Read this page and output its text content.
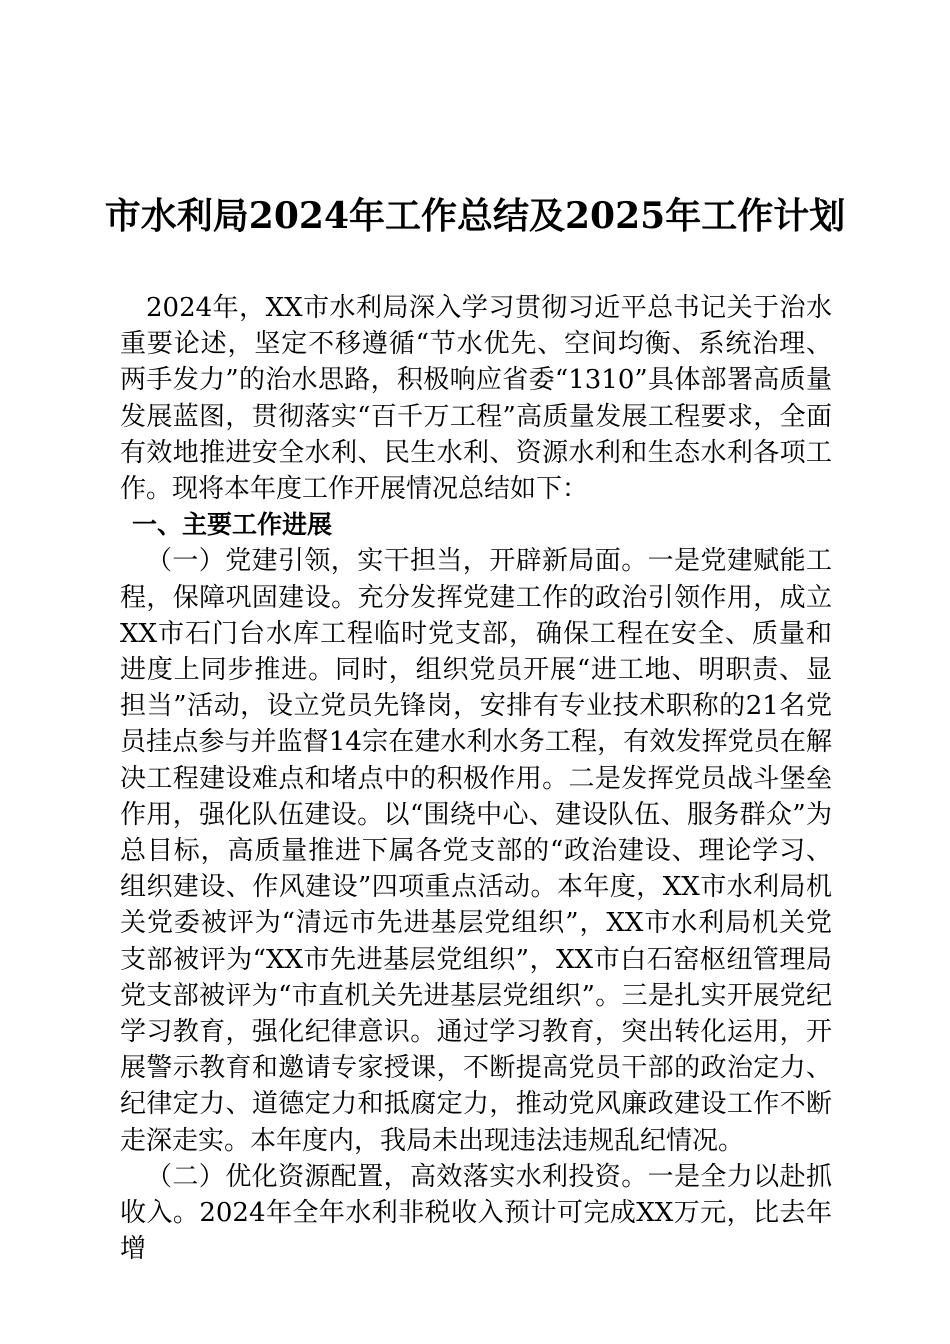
市水利局2024年工作总结及2025年工作计划

2024年，XX市水利局深入学习贯彻习近平总书记关于治水重要论述，坚定不移遵循“节水优先、空间均衡、系统治理、两手发力”的治水思路，积极响应省委“1310”具体部署高质量发展蓝图，贯彻落实“百千万工程”高质量发展工程要求，全面有效地推进安全水利、民生水利、资源水利和生态水利各项工作。现将本年度工作开展情况总结如下：

一、主要工作进展

（一）党建引领，实干担当，开辟新局面。一是党建赋能工程，保障巩固建设。充分发挥党建工作的政治引领作用，成立XX市石门台水库工程临时党支部，确保工程在安全、质量和进度上同步推进。同时，组织党员开展“进工地、明职责、显担当”活动，设立党员先锋岗，安排有专业技术职称的21名党员挂点参与并监督14宗在建水利水务工程，有效发挥党员在解决工程建设难点和堵点中的积极作用。二是发挥党员战斗堡垒作用，强化队伍建设。以“围绕中心、建设队伍、服务群众”为总目标，高质量推进下属各党支部的“政治建设、理论学习、组织建设、作风建设”四项重点活动。本年度，XX市水利局机关党委被评为“清远市先进基层党组织”，XX市水利局机关党支部被评为“XX市先进基层党组织”，XX市白石窑枢纽管理局党支部被评为“市直机关先进基层党组织”。三是扎实开展党纪学习教育，强化纪律意识。通过学习教育，突出转化运用，开展警示教育和邀请专家授课，不断提高党员干部的政治定力、纪律定力、道德定力和抵腐定力，推动党风廉政建设工作不断走深走实。本年度内，我局未出现违法违规乱纪情况。

（二）优化资源配置，高效落实水利投资。一是全力以赴抓收入。2024年全年水利非税收入预计可完成XX万元，比去年增
